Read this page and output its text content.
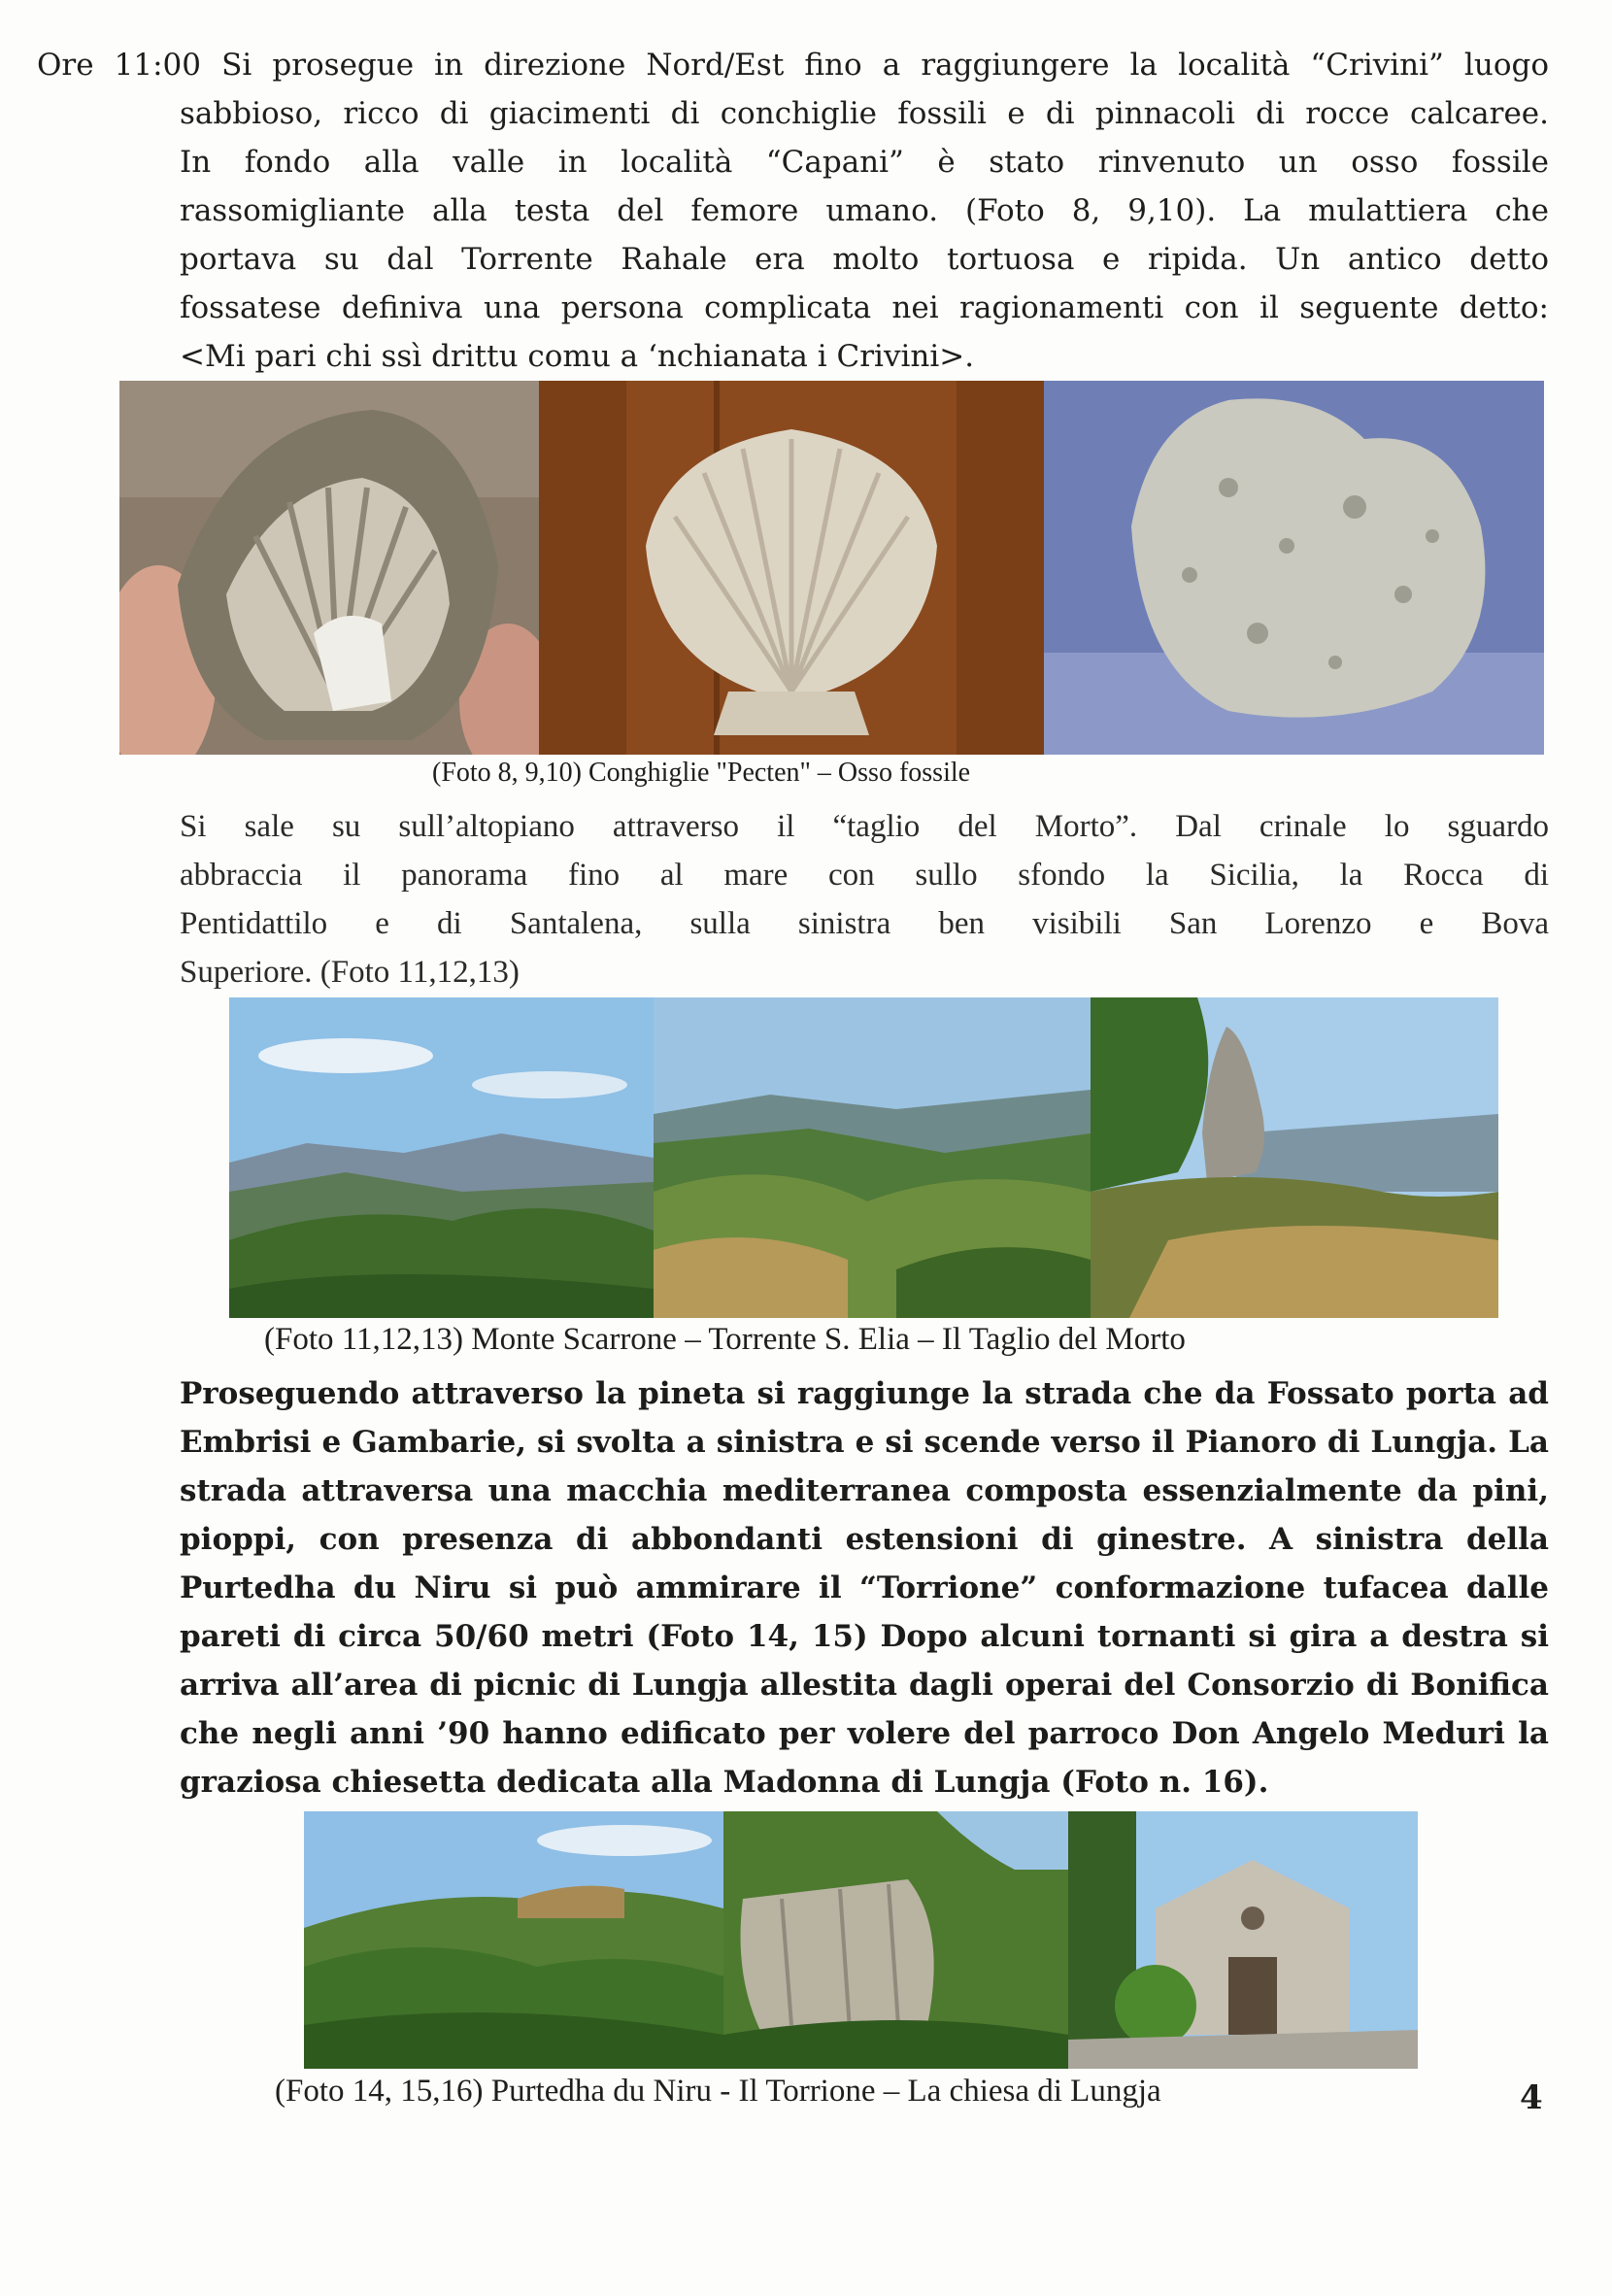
Ore 11:00 Si prosegue in direzione Nord/Est fino a raggiungere la località “Crivini” luogo
sabbioso, ricco di giacimenti di conchiglie fossili e di pinnacoli di rocce calcaree.
In fondo alla valle in località “Capani” è stato rinvenuto un osso fossile
rassomigliante alla testa del femore umano. (Foto 8, 9,10). La mulattiera che
portava su dal Torrente Rahale era molto tortuosa e ripida. Un antico detto
fossatese definiva una persona complicata nei ragionamenti con il seguente detto:
<Mi pari chi ssì drittu comu a ‘nchianata i Crivini>.

(Foto 8, 9,10) Conghiglie "Pecten" – Osso fossile

Si sale su sull’altopiano attraverso il “taglio del Morto”. Dal crinale lo sguardo
abbraccia il panorama fino al mare con sullo sfondo la Sicilia, la Rocca di
Pentidattilo e di Santalena, sulla sinistra ben visibili San Lorenzo e Bova
Superiore. (Foto 11,12,13)

(Foto 11,12,13) Monte Scarrone – Torrente S. Elia – Il Taglio del Morto

Proseguendo attraverso la pineta si raggiunge la strada che da Fossato porta ad
Embrisi e Gambarie, si svolta a sinistra e si scende verso il Pianoro di Lungja. La
strada attraversa una macchia mediterranea composta essenzialmente da pini,
pioppi, con presenza di abbondanti estensioni di ginestre. A sinistra della
Purtedha du Niru si può ammirare il “Torrione” conformazione tufacea dalle
pareti di circa 50/60 metri (Foto 14, 15) Dopo alcuni tornanti si gira a destra si
arriva all’area di picnic di Lungja allestita dagli operai del Consorzio di Bonifica
che negli anni ’90 hanno edificato per volere del parroco Don Angelo Meduri la
graziosa chiesetta dedicata alla Madonna di Lungja (Foto n. 16).

(Foto 14, 15,16) Purtedha du Niru - Il Torrione – La chiesa di Lungja	4
